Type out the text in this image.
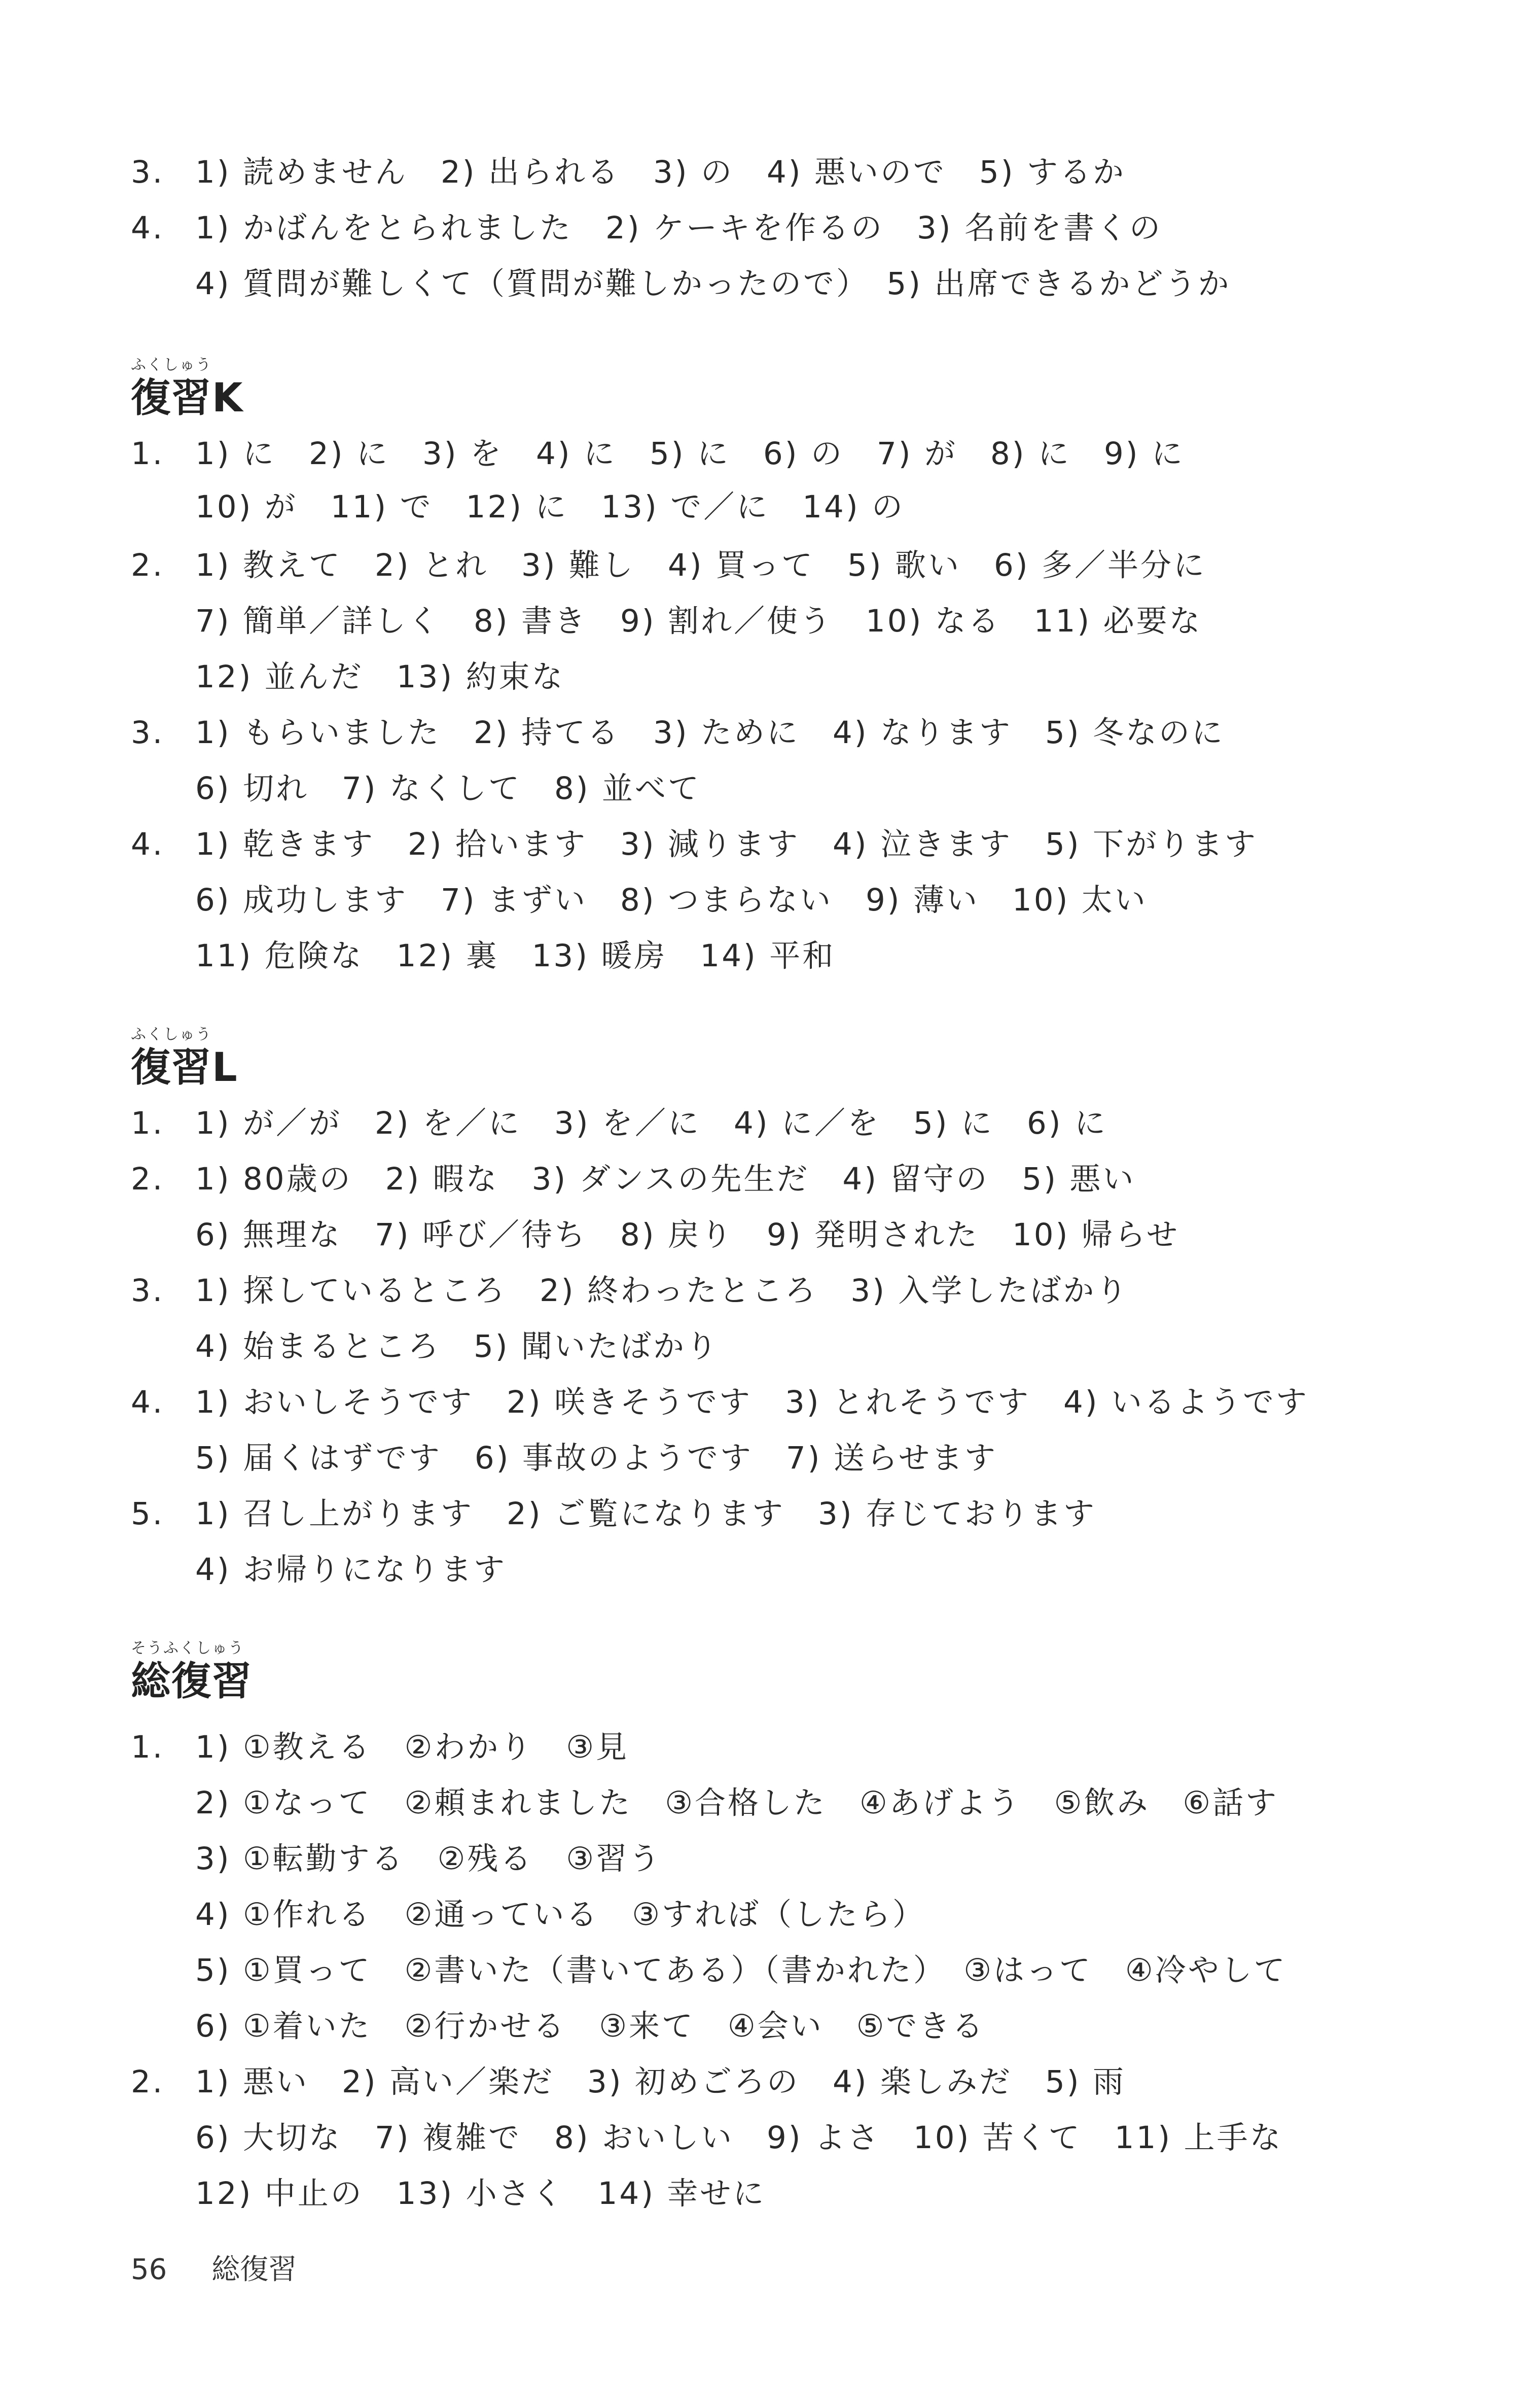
3. 1) 読めません　2) 出られる　3) の　4) 悪いので　5) するか
4. 1) かばんをとられました　2) ケーキを作るの　3) 名前を書くの
4) 質問が難しくて（質問が難しかったので）　5) 出席できるかどうか
ふくしゅう
復習K
1. 1) に　2) に　3) を　4) に　5) に　6) の　7) が　8) に　9) に
10) が　11) で　12) に　13) で／に　14) の
2. 1) 教えて　2) とれ　3) 難し　4) 買って　5) 歌い　6) 多／半分に
7) 簡単／詳しく　8) 書き　9) 割れ／使う　10) なる　11) 必要な
12) 並んだ　13) 約束な
3. 1) もらいました　2) 持てる　3) ために　4) なります　5) 冬なのに
6) 切れ　7) なくして　8) 並べて
4. 1) 乾きます　2) 拾います　3) 減ります　4) 泣きます　5) 下がります
6) 成功します　7) まずい　8) つまらない　9) 薄い　10) 太い
11) 危険な　12) 裏　13) 暖房　14) 平和
ふくしゅう
復習L
1. 1) が／が　2) を／に　3) を／に　4) に／を　5) に　6) に
2. 1) 80歳の　2) 暇な　3) ダンスの先生だ　4) 留守の　5) 悪い
6) 無理な　7) 呼び／待ち　8) 戻り　9) 発明された　10) 帰らせ
3. 1) 探しているところ　2) 終わったところ　3) 入学したばかり
4) 始まるところ　5) 聞いたばかり
4. 1) おいしそうです　2) 咲きそうです　3) とれそうです　4) いるようです
5) 届くはずです　6) 事故のようです　7) 送らせます
5. 1) 召し上がります　2) ご覧になります　3) 存じております
4) お帰りになります
そうふくしゅう
総復習
1. 1) ①教える　②わかり　③見
2) ①なって　②頼まれました　③合格した　④あげよう　⑤飲み　⑥話す
3) ①転勤する　②残る　③習う
4) ①作れる　②通っている　③すれば（したら）
5) ①買って　②書いた（書いてある）（書かれた）　③はって　④冷やして
6) ①着いた　②行かせる　③来て　④会い　⑤できる
2. 1) 悪い　2) 高い／楽だ　3) 初めごろの　4) 楽しみだ　5) 雨
6) 大切な　7) 複雑で　8) おいしい　9) よさ　10) 苦くて　11) 上手な
12) 中止の　13) 小さく　14) 幸せに
56 総復習
